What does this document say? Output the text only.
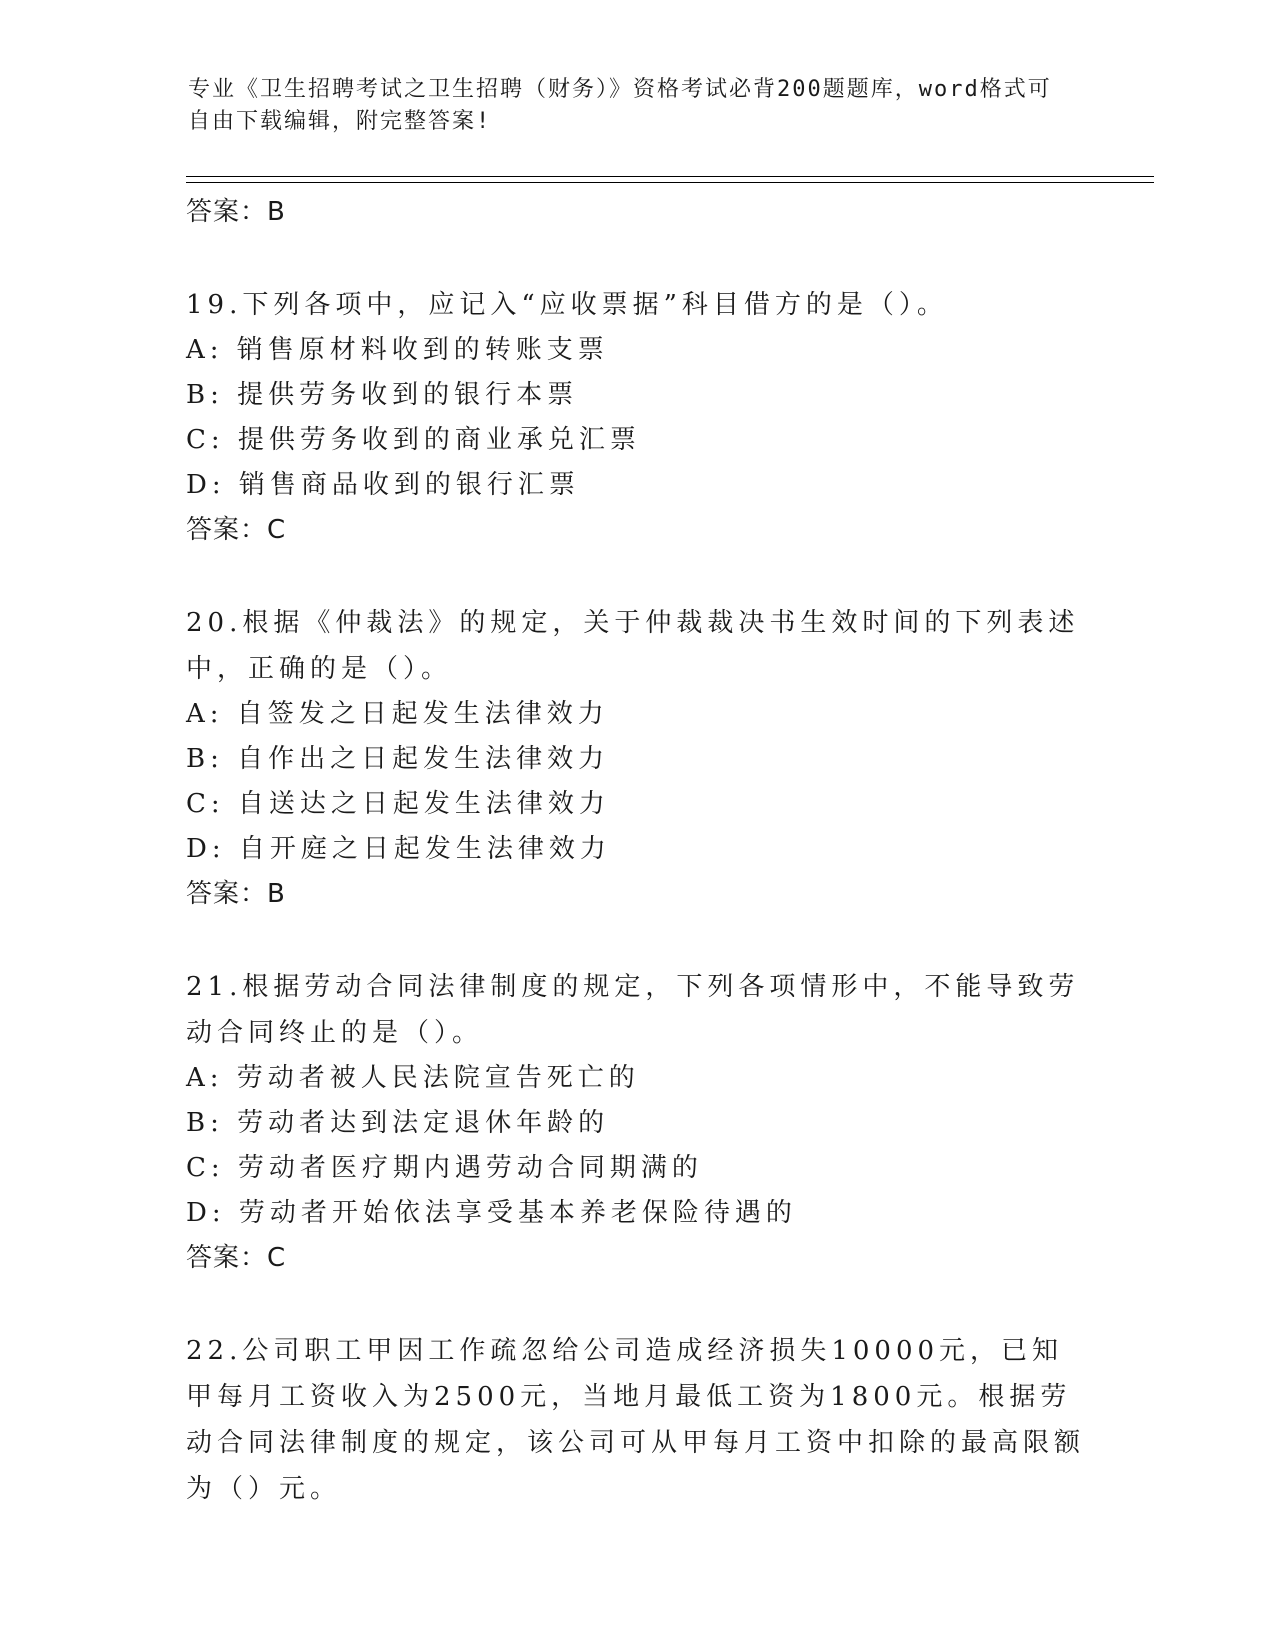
专业《卫生招聘考试之卫生招聘（财务）》资格考试必背200题题库，word格式可自由下载编辑，附完整答案!
答案：B
19.下列各项中，应记入“应收票据”科目借方的是（）。
A: 销售原材料收到的转账支票
B: 提供劳务收到的银行本票
C: 提供劳务收到的商业承兑汇票
D: 销售商品收到的银行汇票
答案：C
20.根据《仲裁法》的规定，关于仲裁裁决书生效时间的下列表述中，正确的是（）。
A: 自签发之日起发生法律效力
B: 自作出之日起发生法律效力
C: 自送达之日起发生法律效力
D: 自开庭之日起发生法律效力
答案：B
21.根据劳动合同法律制度的规定，下列各项情形中，不能导致劳动合同终止的是（）。
A: 劳动者被人民法院宣告死亡的
B: 劳动者达到法定退休年龄的
C: 劳动者医疗期内遇劳动合同期满的
D: 劳动者开始依法享受基本养老保险待遇的
答案：C
22.公司职工甲因工作疏忽给公司造成经济损失10000元，已知甲每月工资收入为2500元，当地月最低工资为1800元。根据劳动合同法律制度的规定，该公司可从甲每月工资中扣除的最高限额为（）元。
